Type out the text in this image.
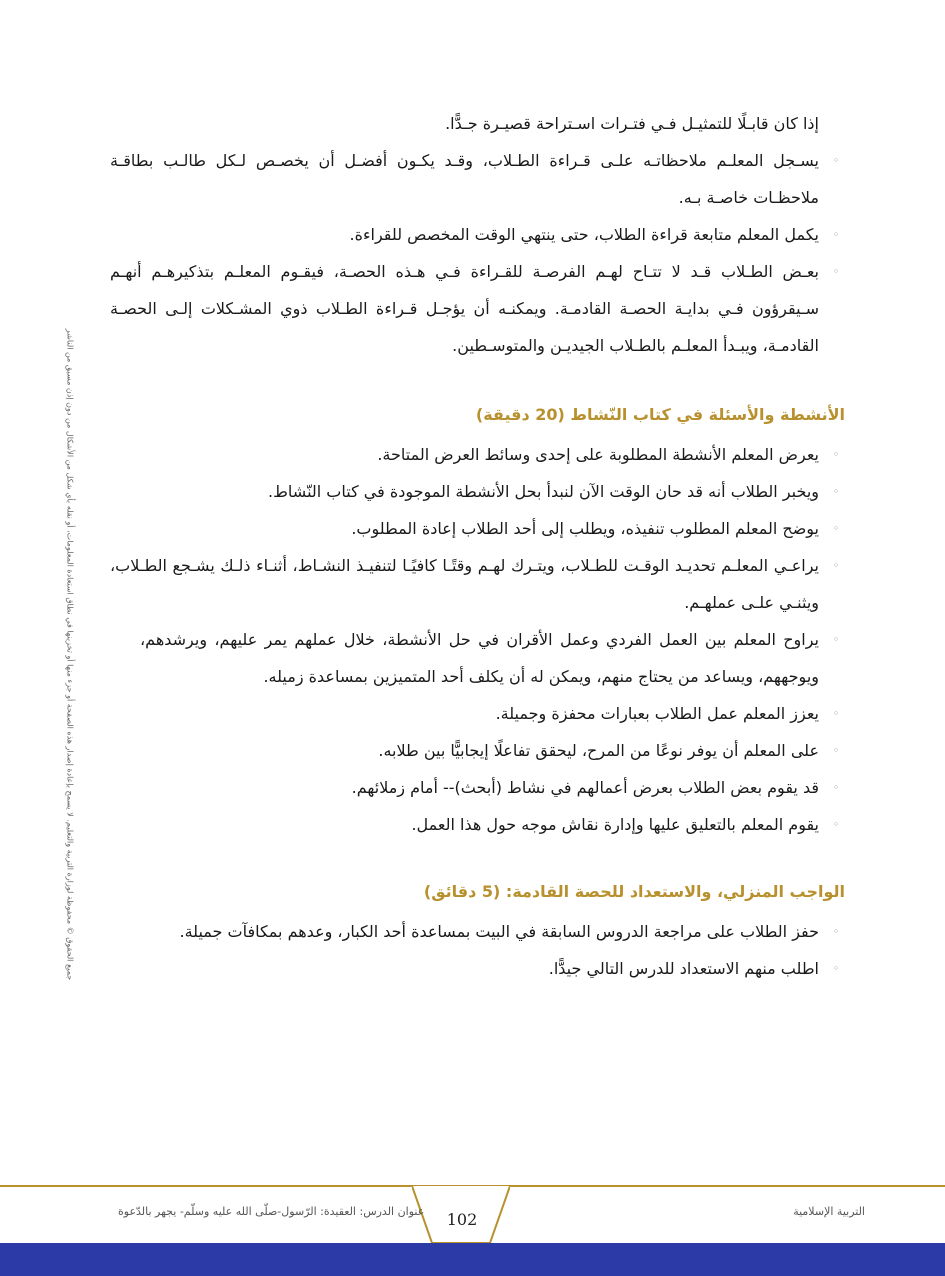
جميع الحقوق © محفوظة لوزارة التربية والتعليم. لا يسمح بإعادة إصدار هذه الصفحة أو جزء منها أو تخزينها في نطاق استعادة المعلومات، أو نقله بأي شكل من الأشكال من دون إذن مسبق من الناشر

إذا كان قابـلًا للتمثيـل فـي فتـرات اسـتراحة قصيـرة جـدًّا.

◦
يسـجل المعلـم ملاحظاتـه علـى قـراءة الطـلاب، وقـد يكـون أفضـل أن يخصـص لـكل طالـب بطاقـة ملاحظـات خاصـة بـه.
◦
يكمل المعلم متابعة قراءة الطلاب، حتى ينتهي الوقت المخصص للقراءة.
◦
بعـض الطـلاب قـد لا تتـاح لهـم الفرصـة للقـراءة فـي هـذه الحصـة، فيقـوم المعلـم بتذكيرهـم أنهـم سـيقرؤون فـي بدايـة الحصـة القادمـة. ويمكنـه أن يؤجـل قـراءة الطـلاب ذوي المشـكلات إلـى الحصـة القادمـة، ويبـدأ المعلـم بالطـلاب الجيديـن والمتوسـطين.
الأنشطة والأسئلة في كتاب النّشاط (20 دقيقة)
◦
يعرض المعلم الأنشطة المطلوبة على إحدى وسائط العرض المتاحة.
◦
ويخبر الطلاب أنه قد حان الوقت الآن لنبدأ بحل الأنشطة الموجودة في كتاب النّشاط.
◦
يوضح المعلم المطلوب تنفيذه، ويطلب إلى أحد الطلاب إعادة المطلوب.
◦
يراعـي المعلـم تحديـد الوقـت للطـلاب، ويتـرك لهـم وقتًـا كافيًـا لتنفيـذ النشـاط، أثنـاء ذلـك يشـجع الطـلاب، ويثنـي علـى عملهـم.
◦
يراوح المعلم بين العمل الفردي وعمل الأقران في حل الأنشطة، خلال عملهم يمر عليهم، ويرشدهم، ويوجههم، ويساعد من يحتاج منهم، ويمكن له أن يكلف أحد المتميزين بمساعدة زميله.
◦
يعزز المعلم عمل الطلاب بعبارات محفزة وجميلة.
◦
على المعلم أن يوفر نوعًا من المرح، ليحقق تفاعلًا إيجابيًّا بين طلابه.
◦
قد يقوم بعض الطلاب بعرض أعمالهم في نشاط (أبحث)-- أمام زملائهم.
◦
يقوم المعلم بالتعليق عليها وإدارة نقاش موجه حول هذا العمل.
الواجب المنزلي، والاستعداد للحصة القادمة: (5 دقائق)
◦
حفز الطلاب على مراجعة الدروس السابقة في البيت بمساعدة أحد الكبار، وعدهم بمكافآت جميلة.
◦
اطلب منهم الاستعداد للدرس التالي جيدًّا.
102
عنوان الدرس: العقيدة: الرّسول-صلّى الله عليه وسلّم- يجهر بالدّعوة	التربية الإسلامية
